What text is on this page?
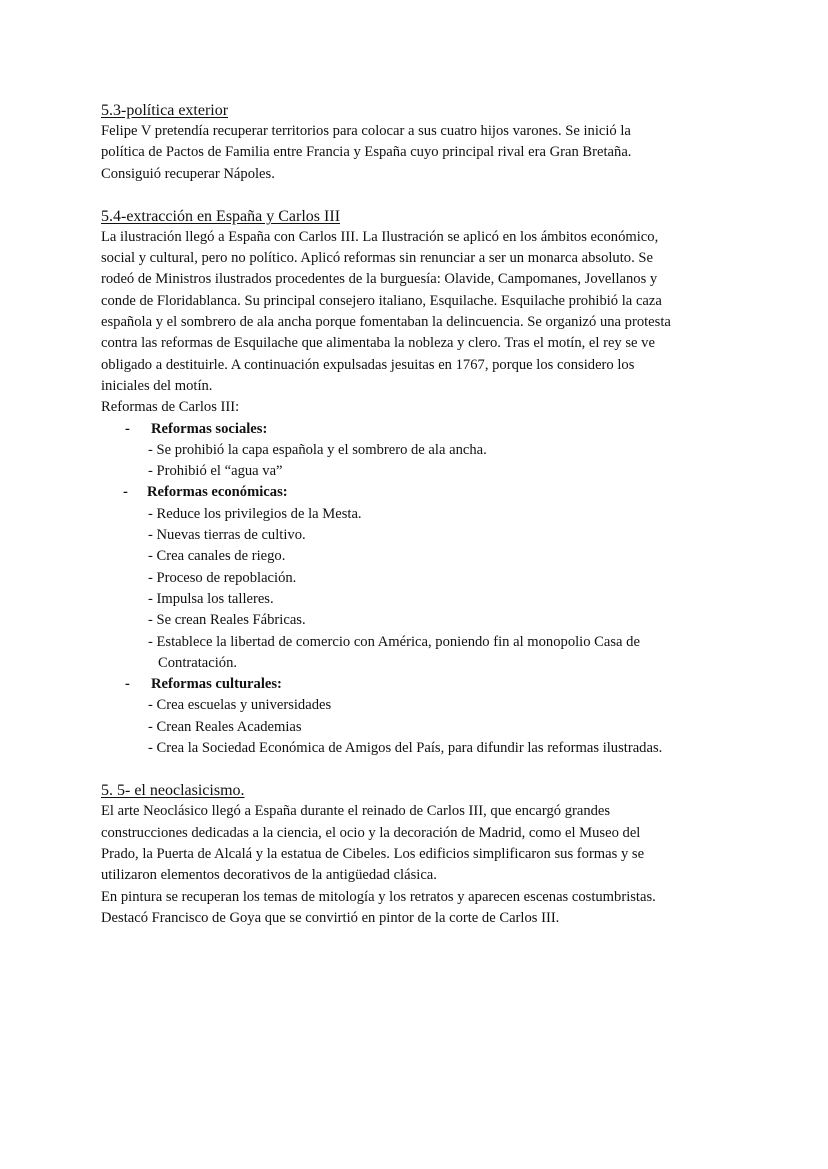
5.3-política exterior
Felipe V pretendía recuperar territorios para colocar a sus cuatro hijos varones. Se inició la
política de Pactos de Familia entre Francia y España cuyo principal rival era Gran Bretaña.
Consiguió recuperar Nápoles.
5.4-extracción en España y Carlos III
La ilustración llegó a España con Carlos III. La Ilustración se aplicó en los ámbitos económico,
social y cultural, pero no político. Aplicó reformas sin renunciar a ser un monarca absoluto. Se
rodeó de Ministros ilustrados procedentes de la burguesía: Olavide, Campomanes, Jovellanos y
conde de Floridablanca. Su principal consejero italiano, Esquilache. Esquilache prohibió la caza
española y el sombrero de ala ancha porque fomentaban la delincuencia. Se organizó una protesta
contra las reformas de Esquilache que alimentaba la nobleza y clero. Tras el motín, el rey se ve
obligado a destituirle. A continuación expulsadas jesuitas en 1767, porque los considero los
iniciales del motín.
Reformas de Carlos III:
-	Reformas sociales:
- Se prohibió la capa española y el sombrero de ala ancha.
- Prohibió el “agua va”
-	Reformas económicas:
- Reduce los privilegios de la Mesta.
- Nuevas tierras de cultivo.
- Crea canales de riego.
- Proceso de repoblación.
- Impulsa los talleres.
- Se crean Reales Fábricas.
- Establece la libertad de comercio con América, poniendo fin al monopolio Casa de
Contratación.
-	Reformas culturales:
- Crea escuelas y universidades
- Crean Reales Academias
- Crea la Sociedad Económica de Amigos del País, para difundir las reformas ilustradas.
5. 5- el neoclasicismo.
El arte Neoclásico llegó a España durante el reinado de Carlos III, que encargó grandes
construcciones dedicadas a la ciencia, el ocio y la decoración de Madrid, como el Museo del
Prado, la Puerta de Alcalá y la estatua de Cibeles. Los edificios simplificaron sus formas y se
utilizaron elementos decorativos de la antigüedad clásica.
En pintura se recuperan los temas de mitología y los retratos y aparecen escenas costumbristas.
Destacó Francisco de Goya que se convirtió en pintor de la corte de Carlos III.
